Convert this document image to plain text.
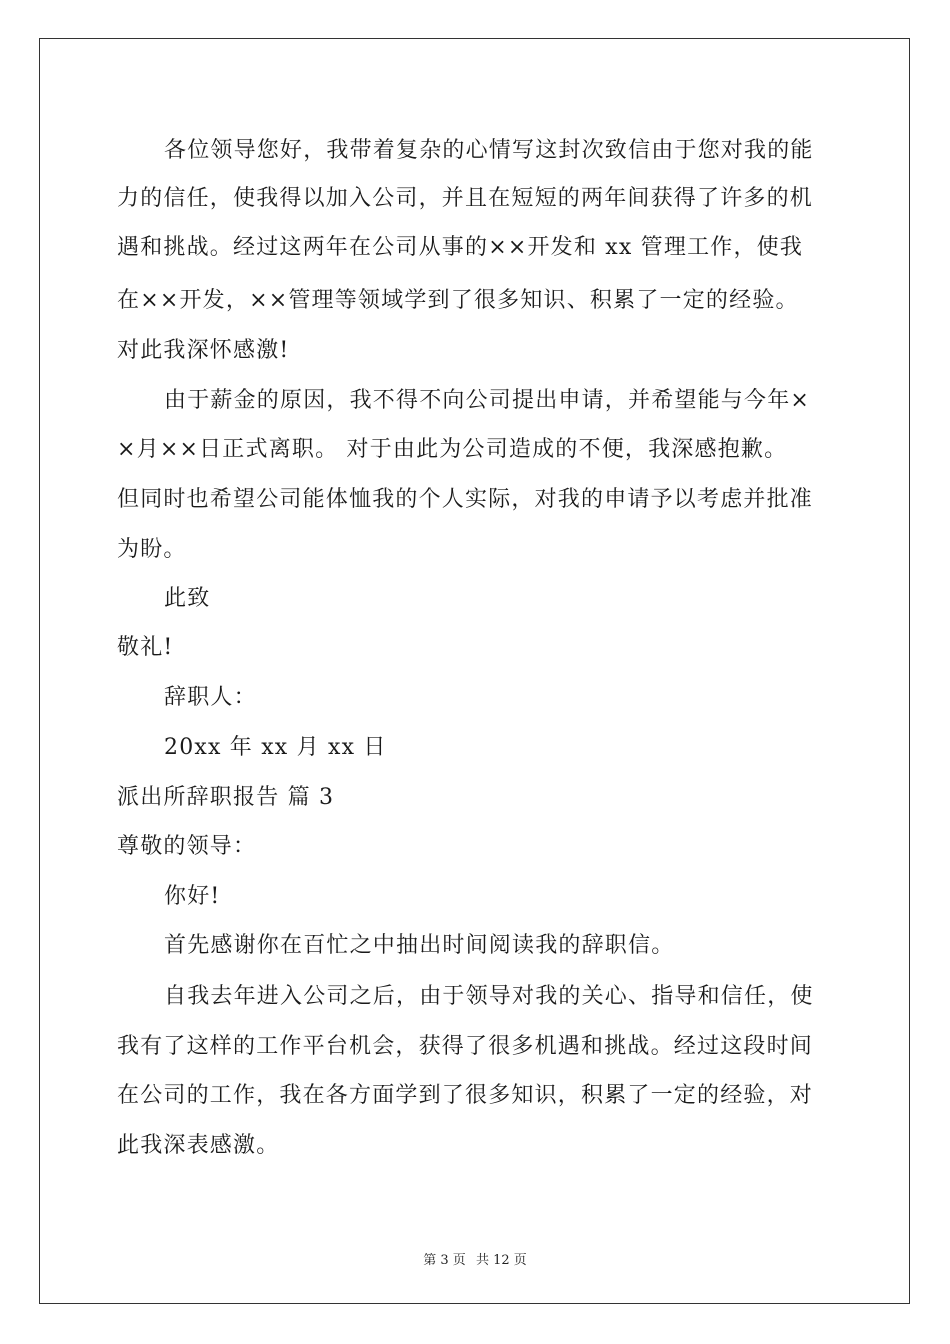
各位领导您好，我带着复杂的心情写这封次致信由于您对我的能
力的信任，使我得以加入公司，并且在短短的两年间获得了许多的机
遇和挑战。经过这两年在公司从事的××开发和 xx 管理工作，使我
在××开发，××管理等领域学到了很多知识、积累了一定的经验。
对此我深怀感激!
由于薪金的原因，我不得不向公司提出申请，并希望能与今年×
×月××日正式离职。 对于由此为公司造成的不便，我深感抱歉。
但同时也希望公司能体恤我的个人实际，对我的申请予以考虑并批准
为盼。
此致
敬礼!
辞职人：
20xx 年 xx 月 xx 日
派出所辞职报告 篇 3
尊敬的领导：
你好!
首先感谢你在百忙之中抽出时间阅读我的辞职信。
自我去年进入公司之后，由于领导对我的关心、指导和信任，使
我有了这样的工作平台机会，获得了很多机遇和挑战。经过这段时间
在公司的工作，我在各方面学到了很多知识，积累了一定的经验，对
此我深表感激。
第 3 页 共 12 页
